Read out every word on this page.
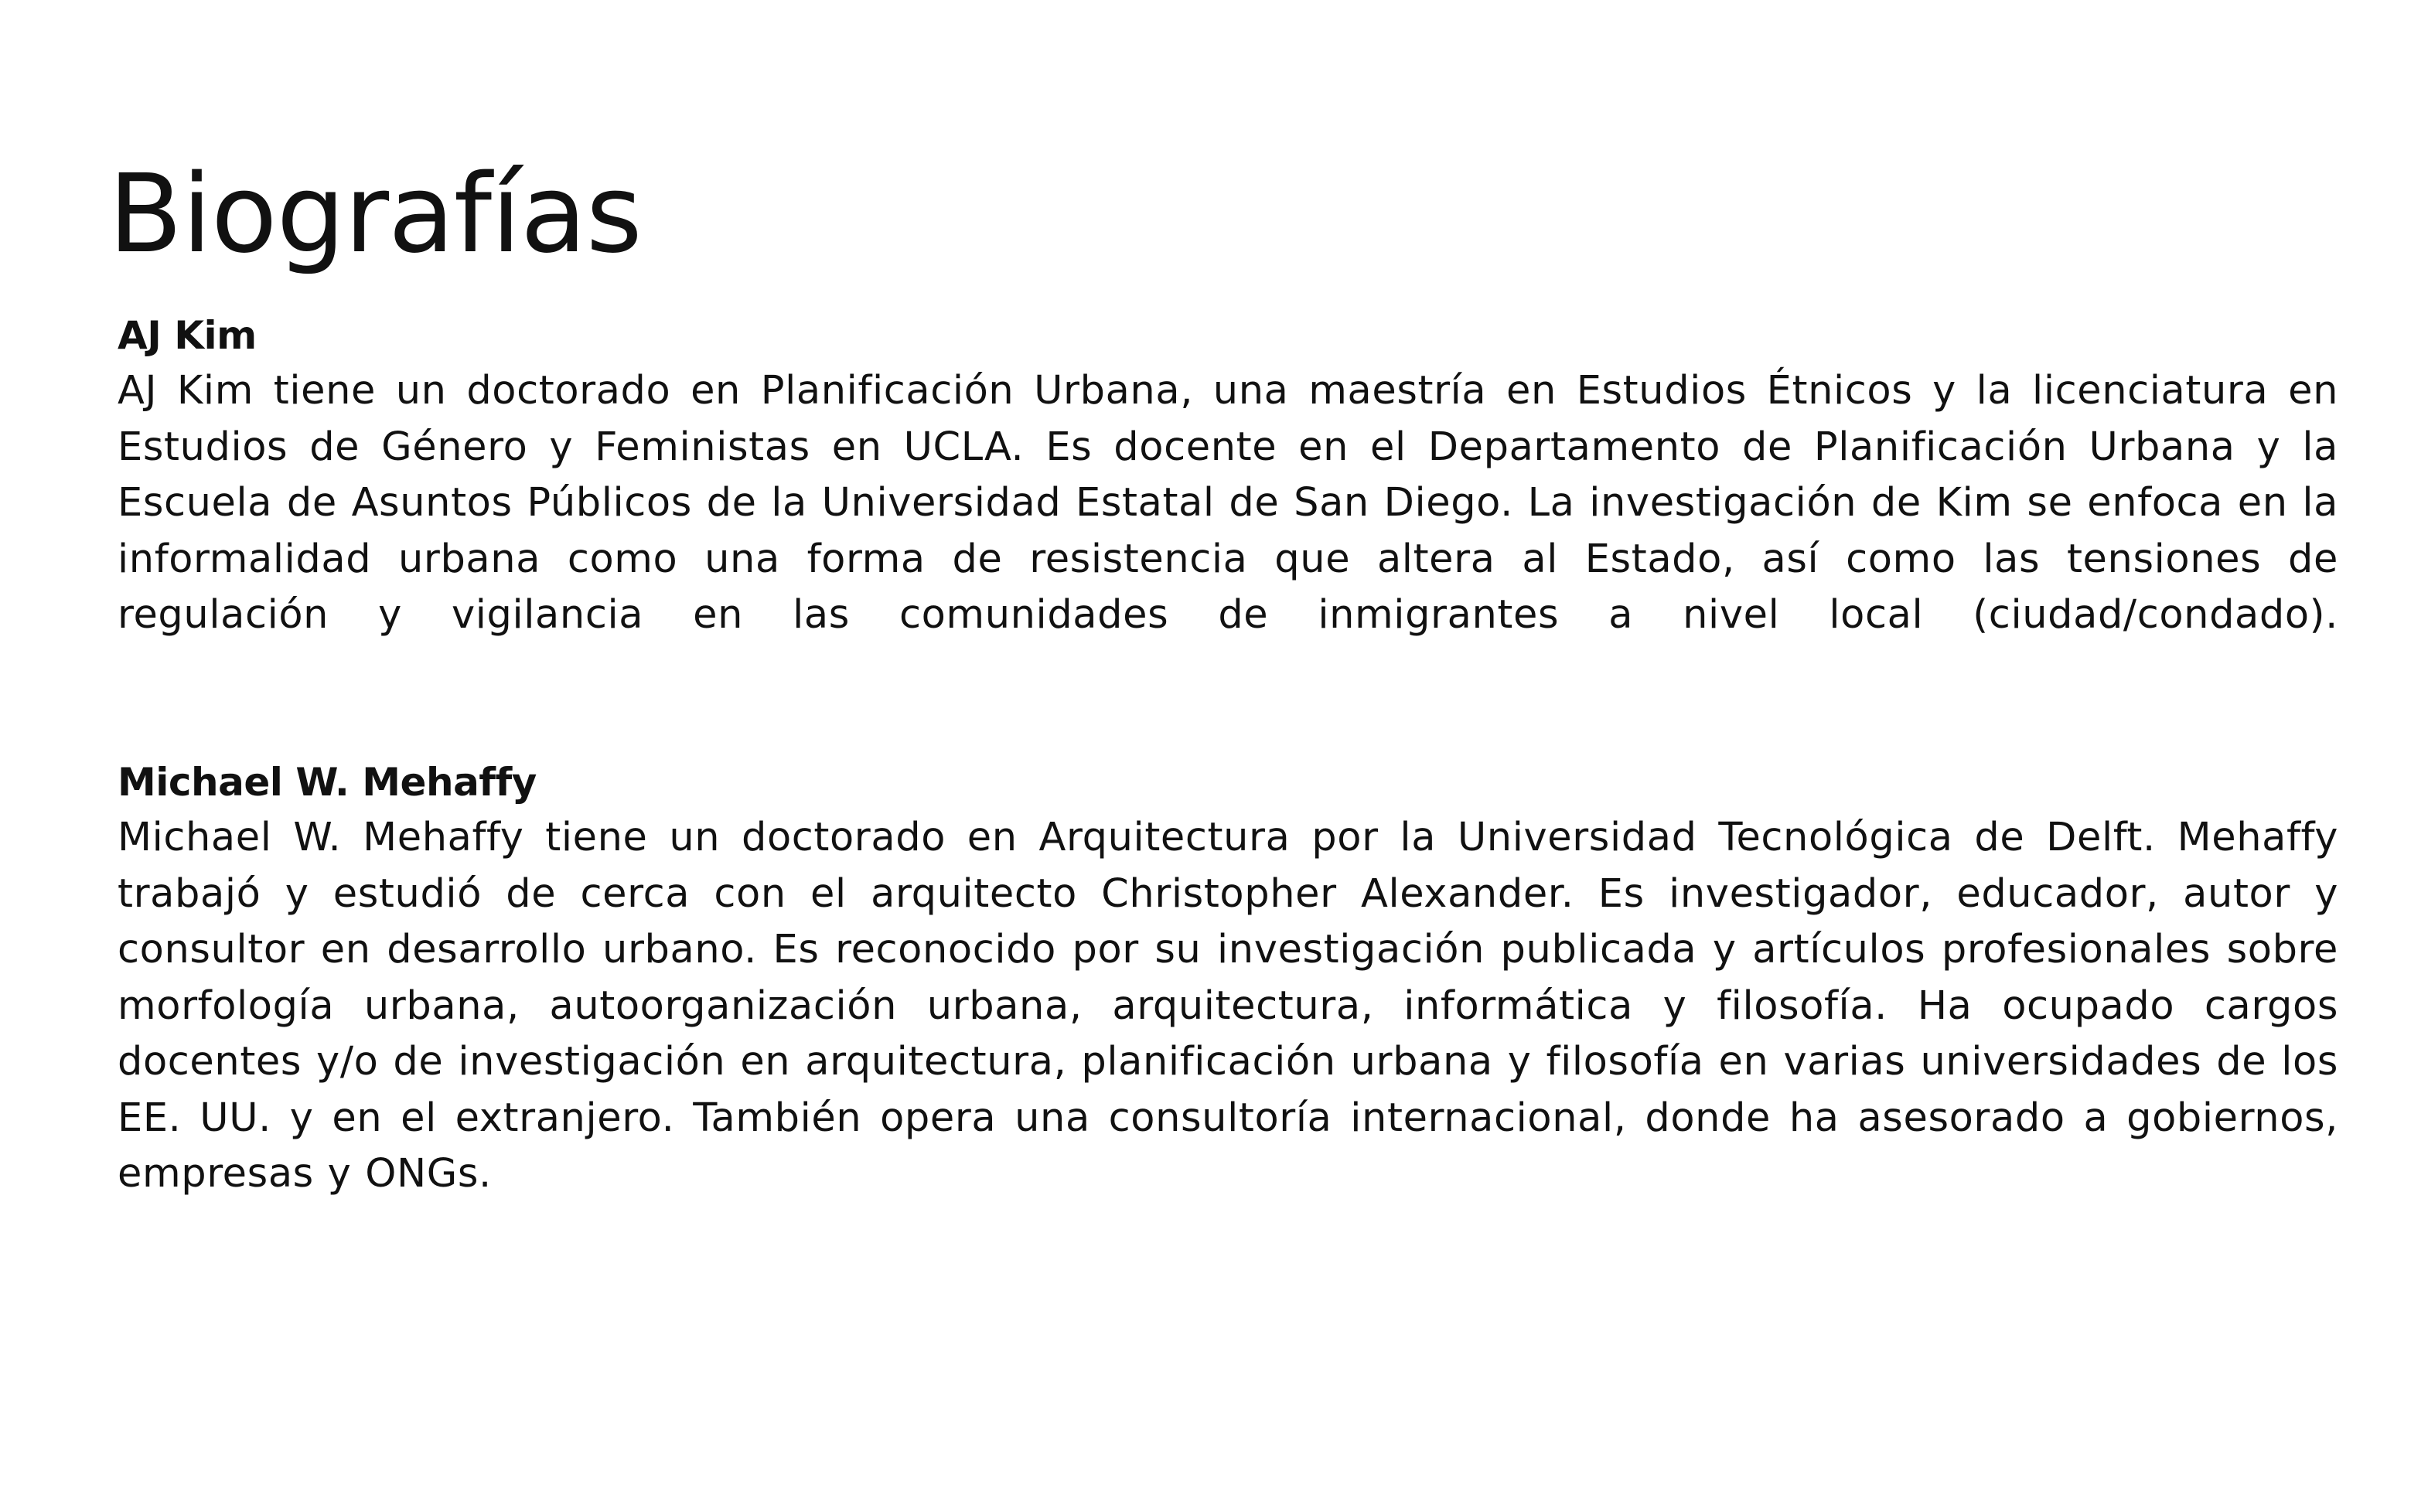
Biografías
AJ Kim

AJ Kim tiene un doctorado en Planificación Urbana, una maestría en Estudios Étnicos y la licenciatura en Estudios de Género y Feministas en UCLA. Es docente en el Departamento de Planificación Urbana y la Escuela de Asuntos Públicos de la Universidad Estatal de San Diego. La investigación de Kim se enfoca en la informalidad urbana como una forma de resistencia que altera al Estado, así como las tensiones de regulación y vigilancia en las comunidades de inmigrantes a nivel local (ciudad/condado).

Michael W. Mehaffy

Michael W. Mehaffy tiene un doctorado en Arquitectura por la Universidad Tecnológica de Delft. Mehaffy trabajó y estudió de cerca con el arquitecto Christopher Alexander. Es investigador, educador, autor y consultor en desarrollo urbano. Es reconocido por su investigación publicada y artículos profesionales sobre morfología urbana, autoorganización urbana, arquitectura, informática y filosofía. Ha ocupado cargos docentes y/o de investigación en arquitectura, planificación urbana y filosofía en varias universidades de los EE. UU. y en el extranjero. También opera una consultoría internacional, donde ha asesorado a gobiernos, empresas y ONGs.
